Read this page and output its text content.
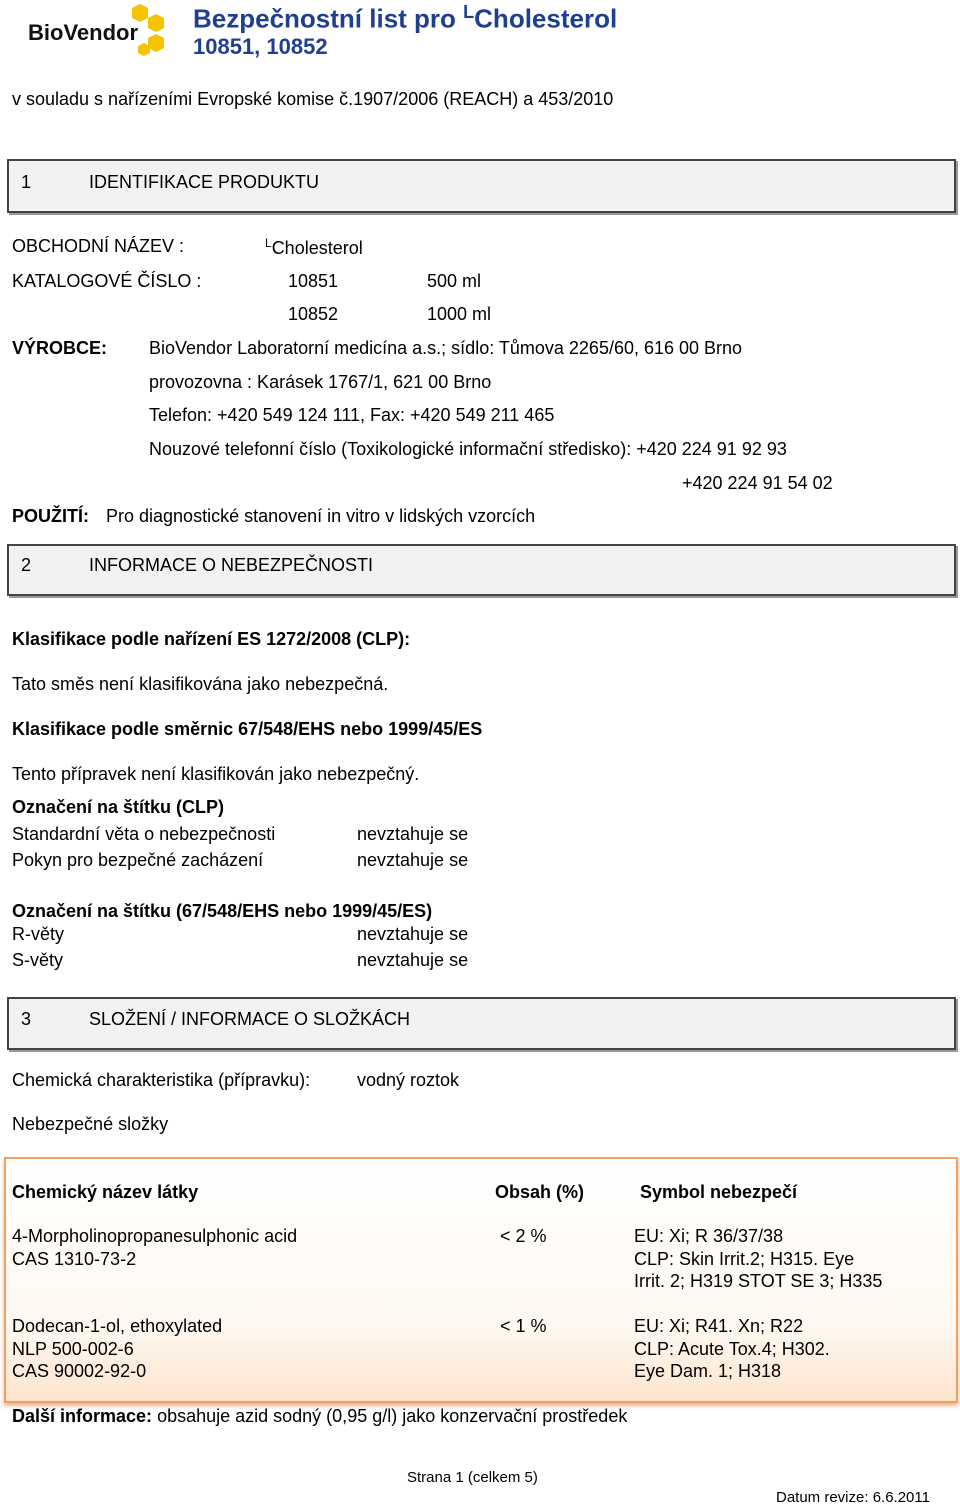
BioVendor Bezpečnostní list pro $^L$Cholesterol
10851, 10852
v souladu s nařízeními Evropské komise č.1907/2006 (REACH) a 453/2010
1	IDENTIFIKACE PRODUKTU
OBCHODNÍ NÁZEV :	$^L$Cholesterol
KATALOGOVÉ ČÍSLO :	10851	500 ml
10852	1000 ml
VÝROBCE: BioVendor Laboratorní medicína a.s.; sídlo: Tůmova 2265/60, 616 00 Brno
provozovna : Karásek 1767/1, 621 00 Brno
Telefon: +420 549 124 111, Fax: +420 549 211 465
Nouzové telefonní číslo (Toxikologické informační středisko): +420 224 91 92 93
+420 224 91 54 02
POUŽITÍ: Pro diagnostické stanovení in vitro v lidských vzorcích
2	INFORMACE O NEBEZPEČNOSTI
Klasifikace podle nařízení ES 1272/2008 (CLP):
Tato směs není klasifikována jako nebezpečná.
Klasifikace podle směrnic 67/548/EHS nebo 1999/45/ES
Tento přípravek není klasifikován jako nebezpečný.
Označení na štítku (CLP)
Standardní věta o nebezpečnosti	nevztahuje se
Pokyn pro bezpečné zacházení	nevztahuje se
Označení na štítku (67/548/EHS nebo 1999/45/ES)
R-věty	nevztahuje se
S-věty	nevztahuje se
3	SLOŽENÍ / INFORMACE O SLOŽKÁCH
Chemická charakteristika (přípravku):	vodný roztok
Nebezpečné složky
Chemický název látky	Obsah (%)	Symbol nebezpečí
4-Morpholinopropanesulphonic acid
CAS 1310-73-2
< 2 %	EU: Xi; R 36/37/38
CLP: Skin Irrit.2; H315. Eye
Irrit. 2; H319 STOT SE 3; H335
Dodecan-1-ol, ethoxylated
NLP 500-002-6
CAS 90002-92-0
< 1 %	EU: Xi; R41. Xn; R22
CLP: Acute Tox.4; H302.
Eye Dam. 1; H318
Další informace: obsahuje azid sodný (0,95 g/l) jako konzervační prostředek
Strana 1 (celkem 5)
Datum revize: 6.6.2011
